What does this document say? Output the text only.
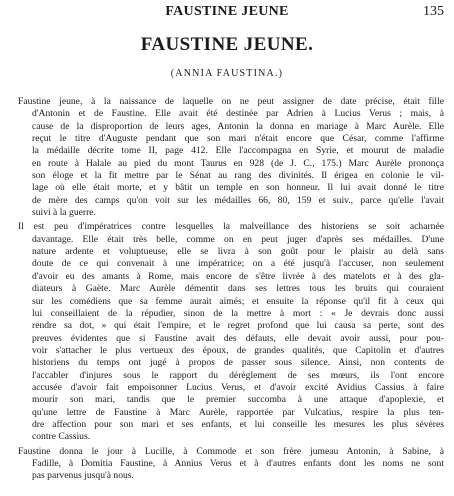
FAUSTINE JEUNE	135
FAUSTINE JEUNE.
(ANNIA FAUSTINA.)
Faustine jeune, à la naissance de laquelle on ne peut assigner de date précise, était fille
d'Antonin et de Faustine. Elle avait été destinée par Adrien à Lucius Verus ; mais, à
cause de la disproportion de leurs ages, Antonin la donna en mariage à Marc Aurèle. Elle
reçut le titre d'Auguste pendant que son mari n'était encore que César, comme l'affirme
la médaille décrite tome II, page 412. Elle l'accompagna en Syrie, et mourut de maladie
en route à Halale au pied du mont Taurus en 928 (de J. C., 175.) Marc Aurèle prononça
son éloge et la fit mettre par le Sénat au rang des divinités. Il érigea en colonie le vil-
lage où elle était morte, et y bâtit un temple en son honneur. Il lui avait donné le titre
de mère des camps qu'on voit sur les médailles 66, 80, 159 et suiv., parce qu'elle l'avait
suivi à la guerre.
Il est peu d'impératrices contre lesquelles la malveillance des historiens se soit acharnée
davantage. Elle était très belle, comme on en peut juger d'après ses médailles. D'une
nature ardente et voluptueuse, elle se livra à son goût pour le plaisir au delà sans
doute de ce qui convenait à une impératrice; on a été jusqu'à l'accuser, non seulement
d'avoir eu des amants à Rome, mais encore de s'être livrée à des matelots et à des gla-
diateurs à Gaëte. Marc Aurèle démentit dans ses lettres tous les bruits qui couraient
sur les comédiens que sa femme aurait aimés; et ensuite la réponse qu'il fit à ceux qui
lui conseillaient de la répudier, sinon de la mettre à mort : « Je devrais donc aussi
rendre sa dot, » qui était l'empire, et le regret profond que lui causa sa perte, sont des
preuves évidentes que si Faustine avait des défauts, elle devait avoir aussi, pour pou-
voir s'attacher le plus vertueux des époux, de grandes qualités, que Capitolin et d'autres
historiens du temps ont jugé à propos de passer sous silence. Ainsi, non contents de
l'accabler d'injures sous le rapport du dérèglement de ses mœurs, ils l'ont encore
accusée d'avoir fait empoisonner Lucius Verus, et d'avoir excité Avidius Cassius à faire
mourir son mari, tandis que le premier succomba à une attaque d'apoplexie, et
qu'une lettre de Faustine à Marc Aurèle, rapportée par Vulcatius, respire la plus ten-
dre affection pour son mari et ses enfants, et lui conseille les mesures les plus sévères
contre Cassius.
Faustine donna le jour à Lucille, à Commode et son frère jumeau Antonin, à Sabine, à
Fadille, à Domitia Faustine, à Annius Verus et à d'autres enfants dont les noms ne sont
pas parvenus jusqu'à nous.
